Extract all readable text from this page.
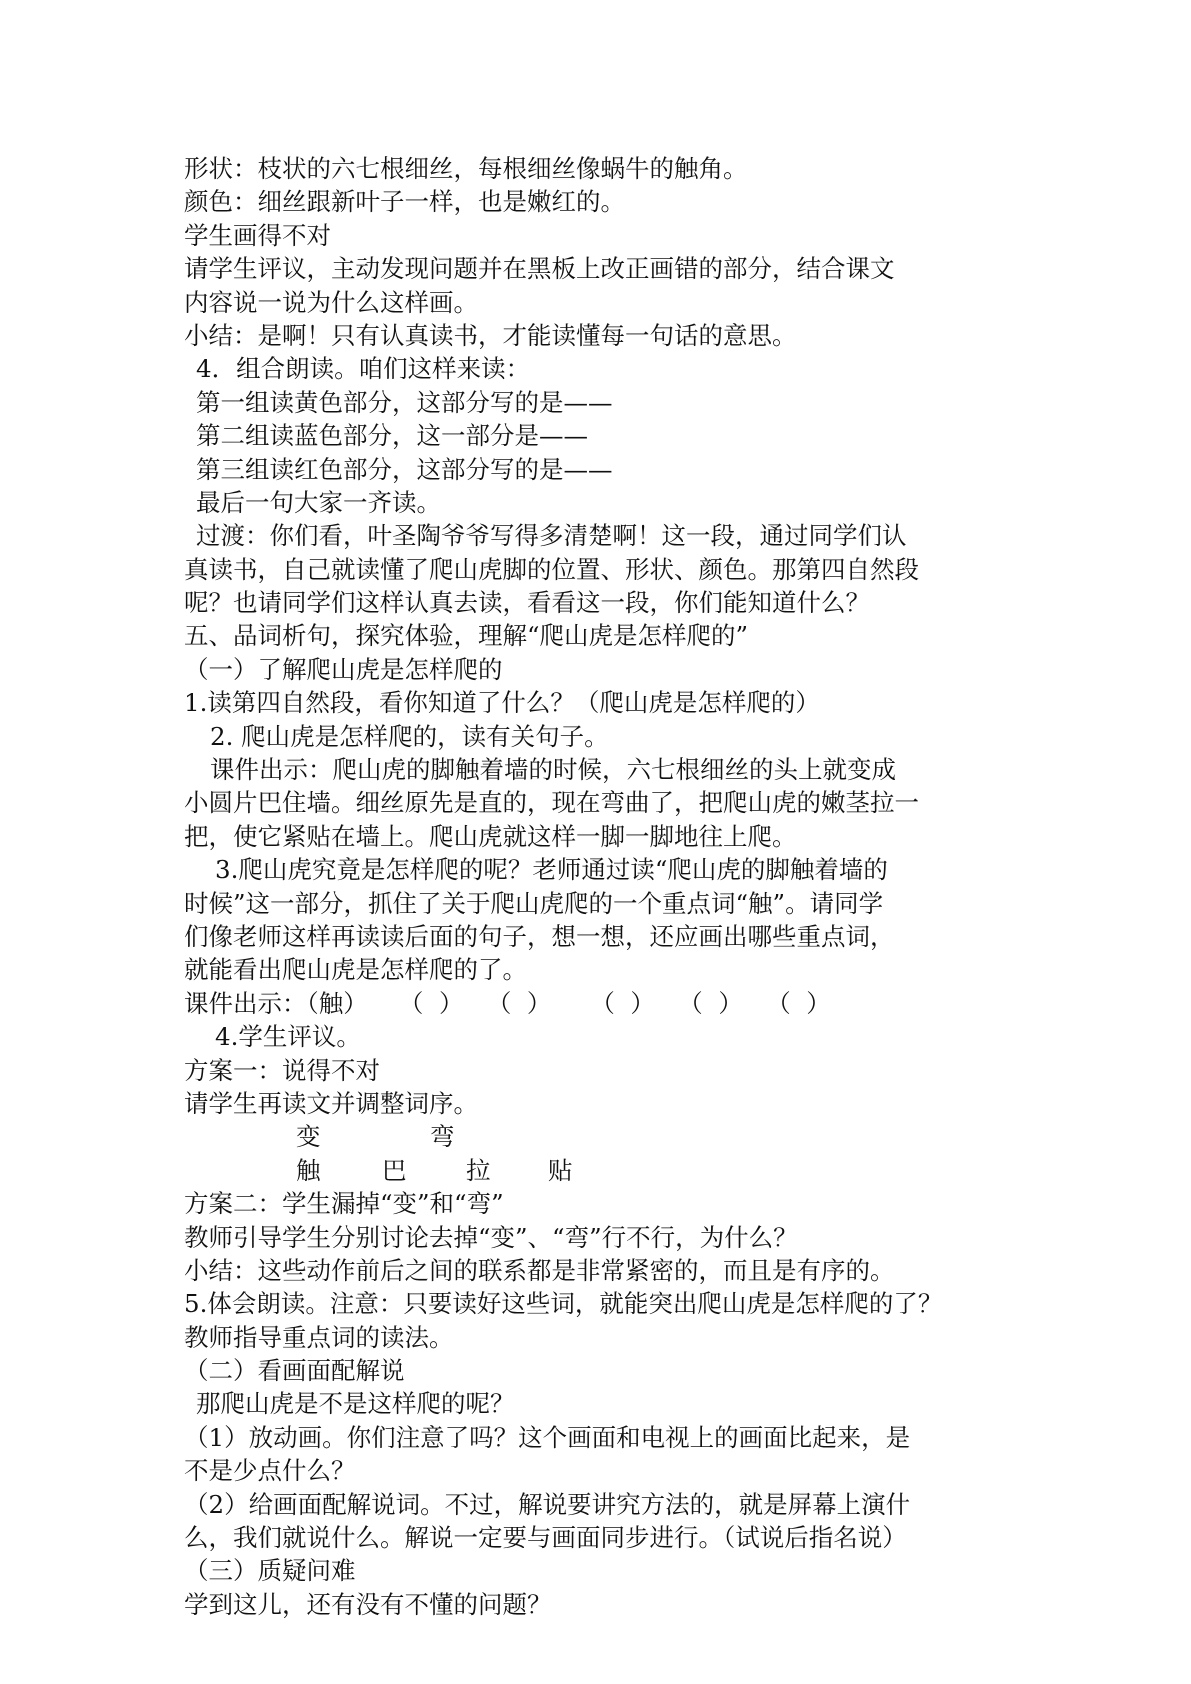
形状：枝状的六七根细丝，每根细丝像蜗牛的触角。
颜色：细丝跟新叶子一样，也是嫩红的。
学生画得不对
请学生评议，主动发现问题并在黑板上改正画错的部分，结合课文
内容说一说为什么这样画。
小结：是啊！只有认真读书，才能读懂每一句话的意思。
4．组合朗读。咱们这样来读：
第一组读黄色部分，这部分写的是——
第二组读蓝色部分，这一部分是——
第三组读红色部分，这部分写的是——
最后一句大家一齐读。
过渡：你们看，叶圣陶爷爷写得多清楚啊！这一段，通过同学们认
真读书，自己就读懂了爬山虎脚的位置、形状、颜色。那第四自然段
呢？也请同学们这样认真去读，看看这一段，你们能知道什么？
五、品词析句，探究体验，理解“爬山虎是怎样爬的”
（一）了解爬山虎是怎样爬的
1.读第四自然段，看你知道了什么？（爬山虎是怎样爬的）
2. 爬山虎是怎样爬的，读有关句子。
课件出示：爬山虎的脚触着墙的时候，六七根细丝的头上就变成
小圆片巴住墙。细丝原先是直的，现在弯曲了，把爬山虎的嫩茎拉一
把，使它紧贴在墙上。爬山虎就这样一脚一脚地往上爬。
3.爬山虎究竟是怎样爬的呢？老师通过读“爬山虎的脚触着墙的
时候”这一部分，抓住了关于爬山虎爬的一个重点词“触”。请同学
们像老师这样再读读后面的句子，想一想，还应画出哪些重点词，
就能看出爬山虎是怎样爬的了。
课件出示：（触）    （  ）   （  ）     （  ）   （  ）   （  ）
4.学生评议。
方案一：说得不对
请学生再读文并调整词序。
变	弯
触	巴 拉 贴
方案二：学生漏掉“变”和“弯”
教师引导学生分别讨论去掉“变”、“弯”行不行，为什么？
小结：这些动作前后之间的联系都是非常紧密的，而且是有序的。
5.体会朗读。注意：只要读好这些词，就能突出爬山虎是怎样爬的了？
教师指导重点词的读法。
（二）看画面配解说
那爬山虎是不是这样爬的呢？
（1）放动画。你们注意了吗？这个画面和电视上的画面比起来，是
不是少点什么？
（2）给画面配解说词。不过，解说要讲究方法的，就是屏幕上演什
么，我们就说什么。解说一定要与画面同步进行。（试说后指名说）
（三）质疑问难
学到这儿，还有没有不懂的问题？
